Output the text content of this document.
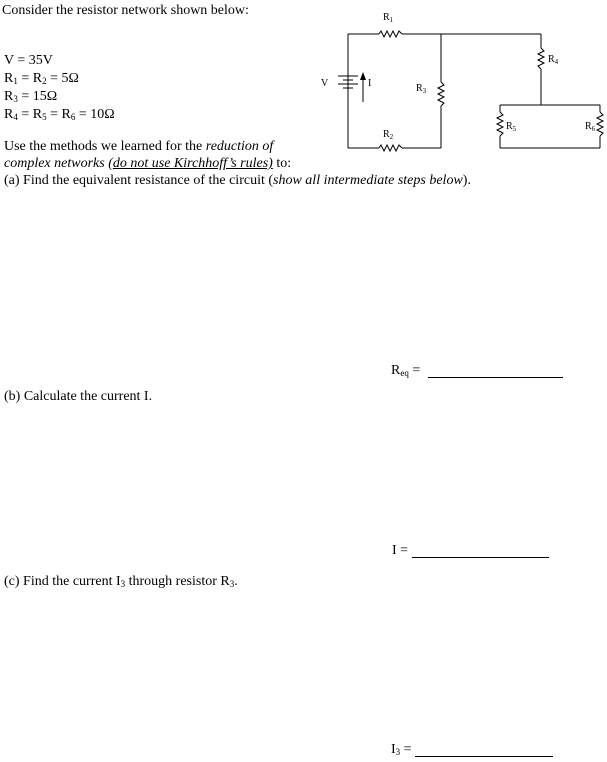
Consider the resistor network shown below:
V = 35V
$R_1 = R_2 = 5\Omega$
$R_3 = 15\Omega$
$R_4 = R_5 = R_6 = 10\Omega$
Use the methods we learned for the reduction of
complex networks (do not use Kirchhoff’s rules) to:
(a) Find the equivalent resistance of the circuit (show all intermediate steps below).
$R_{eq}$ =
(b) Calculate the current I.
I =
(c) Find the current $I_3$ through resistor $R_3$.
$I_3$ =
$R_1$
$R_2$
$R_3$
$R_4$
$R_5$	$R_6$
V	I
